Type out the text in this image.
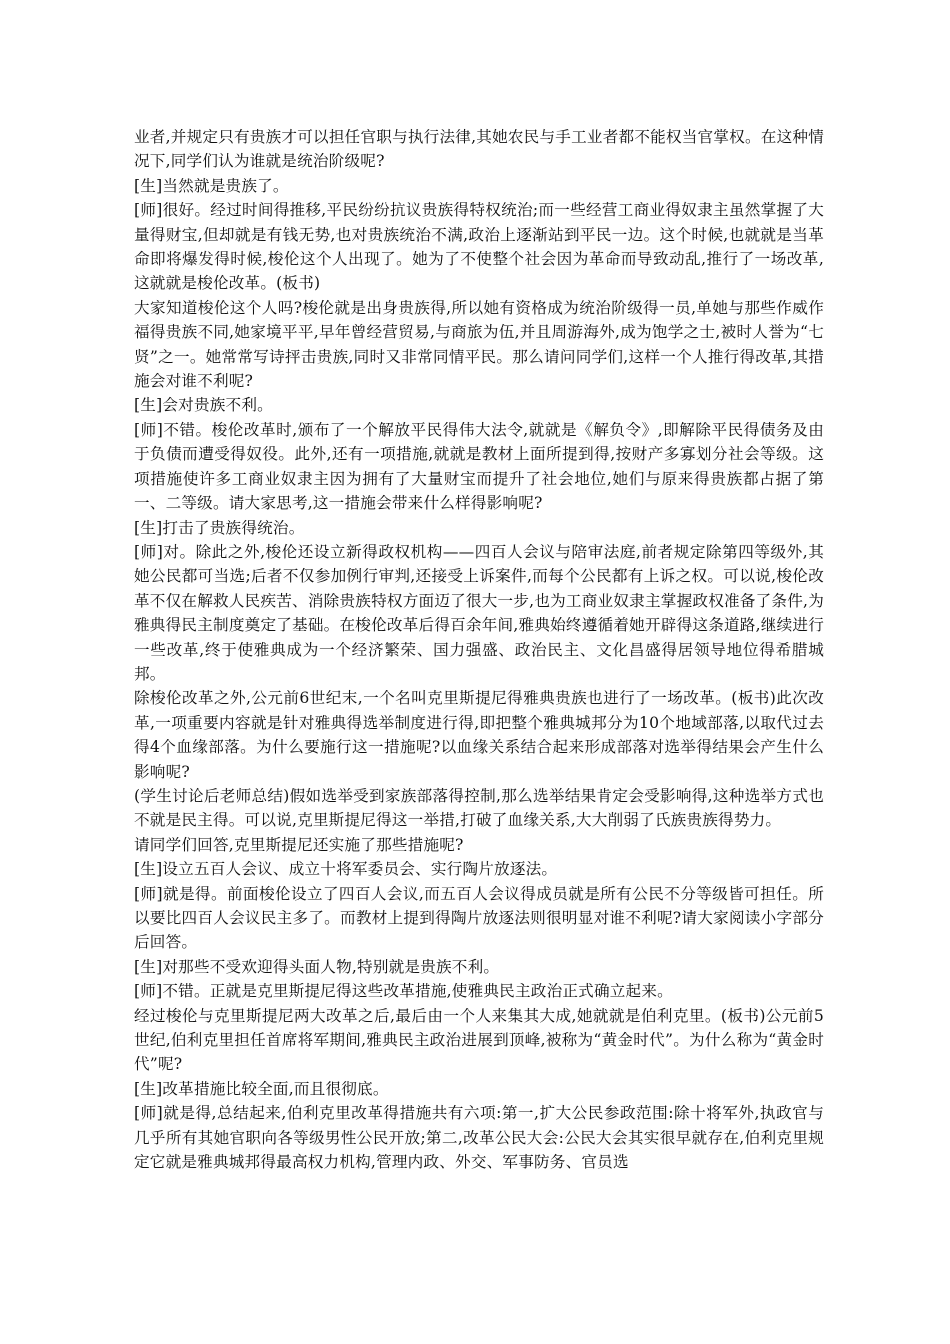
业者,并规定只有贵族才可以担任官职与执行法律,其她农民与手工业者都不能权当官掌权。在这种情况下,同学们认为谁就是统治阶级呢?

[生]当然就是贵族了。

[师]很好。经过时间得推移,平民纷纷抗议贵族得特权统治;而一些经营工商业得奴隶主虽然掌握了大量得财宝,但却就是有钱无势,也对贵族统治不满,政治上逐渐站到平民一边。这个时候,也就就是当革命即将爆发得时候,梭伦这个人出现了。她为了不使整个社会因为革命而导致动乱,推行了一场改革,这就就是梭伦改革。(板书)

大家知道梭伦这个人吗?梭伦就是出身贵族得,所以她有资格成为统治阶级得一员,单她与那些作威作福得贵族不同,她家境平平,早年曾经营贸易,与商旅为伍,并且周游海外,成为饱学之士,被时人誉为“七贤”之一。她常常写诗抨击贵族,同时又非常同情平民。那么请问同学们,这样一个人推行得改革,其措施会对谁不利呢?

[生]会对贵族不利。

[师]不错。梭伦改革时,颁布了一个解放平民得伟大法令,就就是《解负令》,即解除平民得债务及由于负债而遭受得奴役。此外,还有一项措施,就就是教材上面所提到得,按财产多寡划分社会等级。这项措施使许多工商业奴隶主因为拥有了大量财宝而提升了社会地位,她们与原来得贵族都占据了第一、二等级。请大家思考,这一措施会带来什么样得影响呢?

[生]打击了贵族得统治。

[师]对。除此之外,梭伦还设立新得政权机构——四百人会议与陪审法庭,前者规定除第四等级外,其她公民都可当选;后者不仅参加例行审判,还接受上诉案件,而每个公民都有上诉之权。可以说,梭伦改革不仅在解救人民疾苦、消除贵族特权方面迈了很大一步,也为工商业奴隶主掌握政权准备了条件,为雅典得民主制度奠定了基础。在梭伦改革后得百余年间,雅典始终遵循着她开辟得这条道路,继续进行一些改革,终于使雅典成为一个经济繁荣、国力强盛、政治民主、文化昌盛得居领导地位得希腊城邦。

除梭伦改革之外,公元前6世纪末,一个名叫克里斯提尼得雅典贵族也进行了一场改革。(板书)此次改革,一项重要内容就是针对雅典得选举制度进行得,即把整个雅典城邦分为10个地域部落,以取代过去得4个血缘部落。为什么要施行这一措施呢?以血缘关系结合起来形成部落对选举得结果会产生什么影响呢?

(学生讨论后老师总结)假如选举受到家族部落得控制,那么选举结果肯定会受影响得,这种选举方式也不就是民主得。可以说,克里斯提尼得这一举措,打破了血缘关系,大大削弱了氏族贵族得势力。

请同学们回答,克里斯提尼还实施了那些措施呢?

[生]设立五百人会议、成立十将军委员会、实行陶片放逐法。

[师]就是得。前面梭伦设立了四百人会议,而五百人会议得成员就是所有公民不分等级皆可担任。所以要比四百人会议民主多了。而教材上提到得陶片放逐法则很明显对谁不利呢?请大家阅读小字部分后回答。

[生]对那些不受欢迎得头面人物,特别就是贵族不利。

[师]不错。正就是克里斯提尼得这些改革措施,使雅典民主政治正式确立起来。

经过梭伦与克里斯提尼两大改革之后,最后由一个人来集其大成,她就就是伯利克里。(板书)公元前5世纪,伯利克里担任首席将军期间,雅典民主政治进展到顶峰,被称为“黄金时代”。为什么称为“黄金时代”呢?

[生]改革措施比较全面,而且很彻底。

[师]就是得,总结起来,伯利克里改革得措施共有六项:第一,扩大公民参政范围:除十将军外,执政官与几乎所有其她官职向各等级男性公民开放;第二,改革公民大会:公民大会其实很早就存在,伯利克里规定它就是雅典城邦得最高权力机构,管理内政、外交、军事防务、官员选
